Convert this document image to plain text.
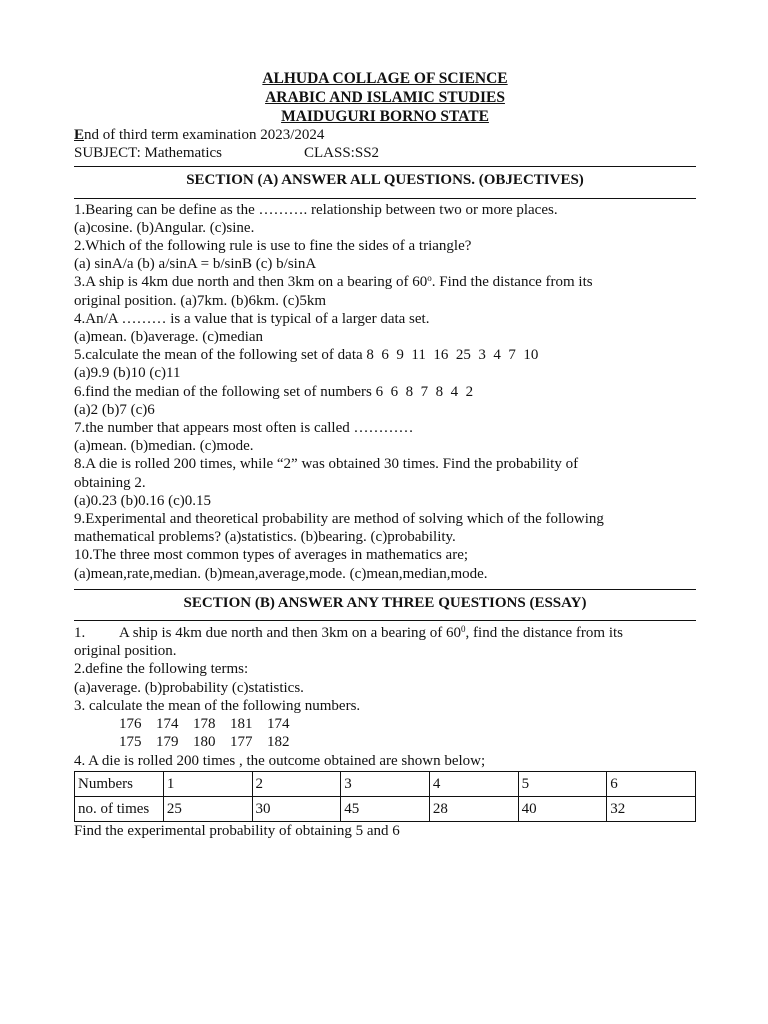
ALHUDA COLLAGE OF SCIENCE
ARABIC AND ISLAMIC STUDIES
MAIDUGURI BORNO STATE
End of third term examination 2023/2024
SUBJECT: Mathematics	CLASS:SS2
SECTION (A) ANSWER ALL QUESTIONS. (OBJECTIVES)
1.Bearing can be define as the ………. relationship between two or more places.
(a)cosine. (b)Angular. (c)sine.
2.Which of the following rule is use to fine the sides of a triangle?
(a) sinA/a (b) a/sinA = b/sinB (c) b/sinA
3.A ship is 4km due north and then 3km on a bearing of 60$^o$. Find the distance from its
original position. (a)7km. (b)6km. (c)5km
4.An/A ……… is a value that is typical of a larger data set.
(a)mean. (b)average. (c)median
5.calculate the mean of the following set of data 8  6  9  11  16  25  3  4  7  10
(a)9.9 (b)10 (c)11
6.find the median of the following set of numbers 6  6  8  7  8  4  2
(a)2 (b)7 (c)6
7.the number that appears most often is called …………
(a)mean. (b)median. (c)mode.
8.A die is rolled 200 times, while “2” was obtained 30 times. Find the probability of
obtaining 2.
(a)0.23 (b)0.16 (c)0.15
9.Experimental and theoretical probability are method of solving which of the following
mathematical problems? (a)statistics. (b)bearing. (c)probability.
10.The three most common types of averages in mathematics are;
(a)mean,rate,median. (b)mean,average,mode. (c)mean,median,mode.
SECTION (B) ANSWER ANY THREE QUESTIONS (ESSAY)
1. A ship is 4km due north and then 3km on a bearing of $60^0$, find the distance from its
original position.
2.define the following terms:
(a)average. (b)probability (c)statistics.
3. calculate the mean of the following numbers.
176 174 178 181 174
175 179 180 177 182
4. A die is rolled 200 times , the outcome obtained are shown below;
Numbers	1	2	3	4	5	6
no. of times	25	30	45	28	40	32
Find the experimental probability of obtaining 5 and 6
